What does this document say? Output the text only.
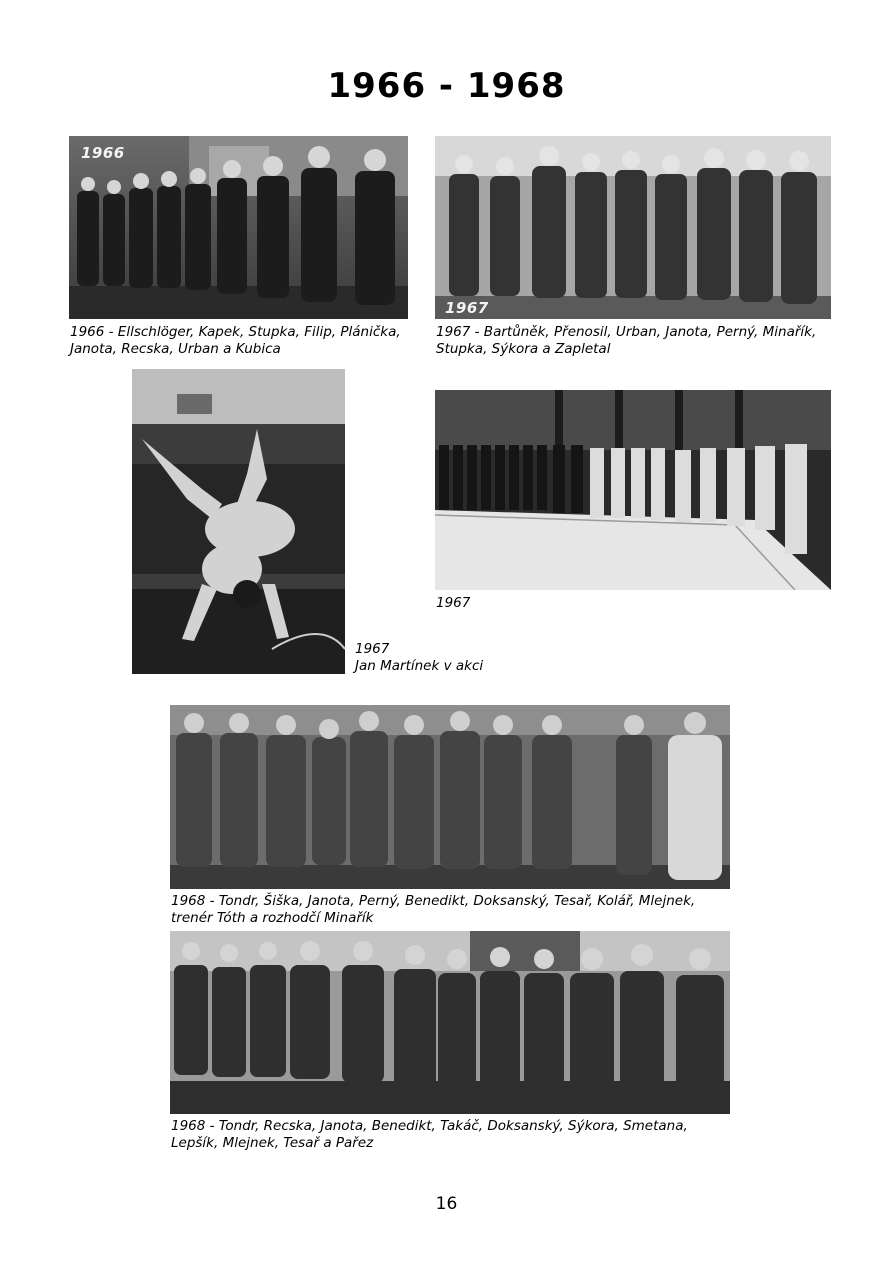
1966 - 1968
1966
1966 - Ellschlöger, Kapek, Stupka, Filip, Plánička, Janota, Recska, Urban a Kubica
1967
1967 - Bartůněk, Přenosil, Urban, Janota, Perný, Minařík, Stupka, Sýkora a Zapletal
1967
Jan Martínek v akci
1967
1968 - Tondr, Šiška, Janota, Perný, Benedikt, Doksanský, Tesař, Kolář, Mlejnek, trenér Tóth a rozhodčí Minařík
1968 - Tondr, Recska, Janota, Benedikt, Takáč, Doksanský, Sýkora, Smetana, Lepšík, Mlejnek, Tesař a Pařez
16
